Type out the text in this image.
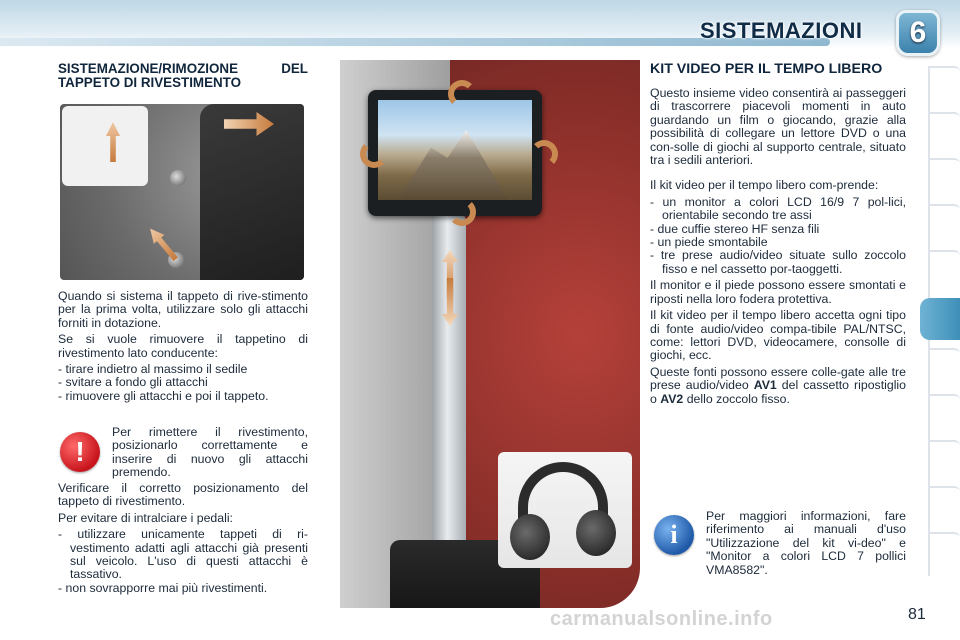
SISTEMAZIONI	6

SISTEMAZIONE/RIMOZIONE DEL TAPPETO DI RIVESTIMENTO

Quando si sistema il tappeto di rive-stimento per la prima volta, utilizzare solo gli attacchi forniti in dotazione.

Se si vuole rimuovere il tappetino di rivestimento lato conducente:

- tirare indietro al massimo il sedile
- svitare a fondo gli attacchi
- rimuovere gli attacchi e poi il tappeto.
!

Per rimettere il rivestimento, posizionarlo correttamente e inserire di nuovo gli attacchi premendo.

Verificare il corretto posizionamento del tappeto di rivestimento.

Per evitare di intralciare i pedali:

- utilizzare unicamente tappeti di ri-vestimento adatti agli attacchi già presenti sul veicolo. L'uso di questi attacchi è tassativo.
- non sovrapporre mai più rivestimenti.

KIT VIDEO PER IL TEMPO LIBERO

Questo insieme video consentirà ai passeggeri di trascorrere piacevoli momenti in auto guardando un film o giocando, grazie alla possibilità di collegare un lettore DVD o una con-solle di giochi al supporto centrale, situato tra i sedili anteriori.

Il kit video per il tempo libero com-prende:

- un monitor a colori LCD 16/9 7 pol-lici, orientabile secondo tre assi
- due cuffie stereo HF senza fili
- un piede smontabile
- tre prese audio/video situate sullo zoccolo fisso e nel cassetto por-taoggetti.

Il monitor e il piede possono essere smontati e riposti nella loro fodera protettiva.

Il kit video per il tempo libero accetta ogni tipo di fonte audio/video compa-tibile PAL/NTSC, come: lettori DVD, videocamere, consolle di giochi, ecc.

Queste fonti possono essere colle-gate alle tre prese audio/video AV1 del cassetto ripostiglio o AV2 dello zoccolo fisso.

i

Per maggiori informazioni, fare riferimento ai manuali d'uso "Utilizzazione del kit vi-deo" e "Monitor a colori LCD 7 pollici VMA8582".

carmanualsonline.info	81
